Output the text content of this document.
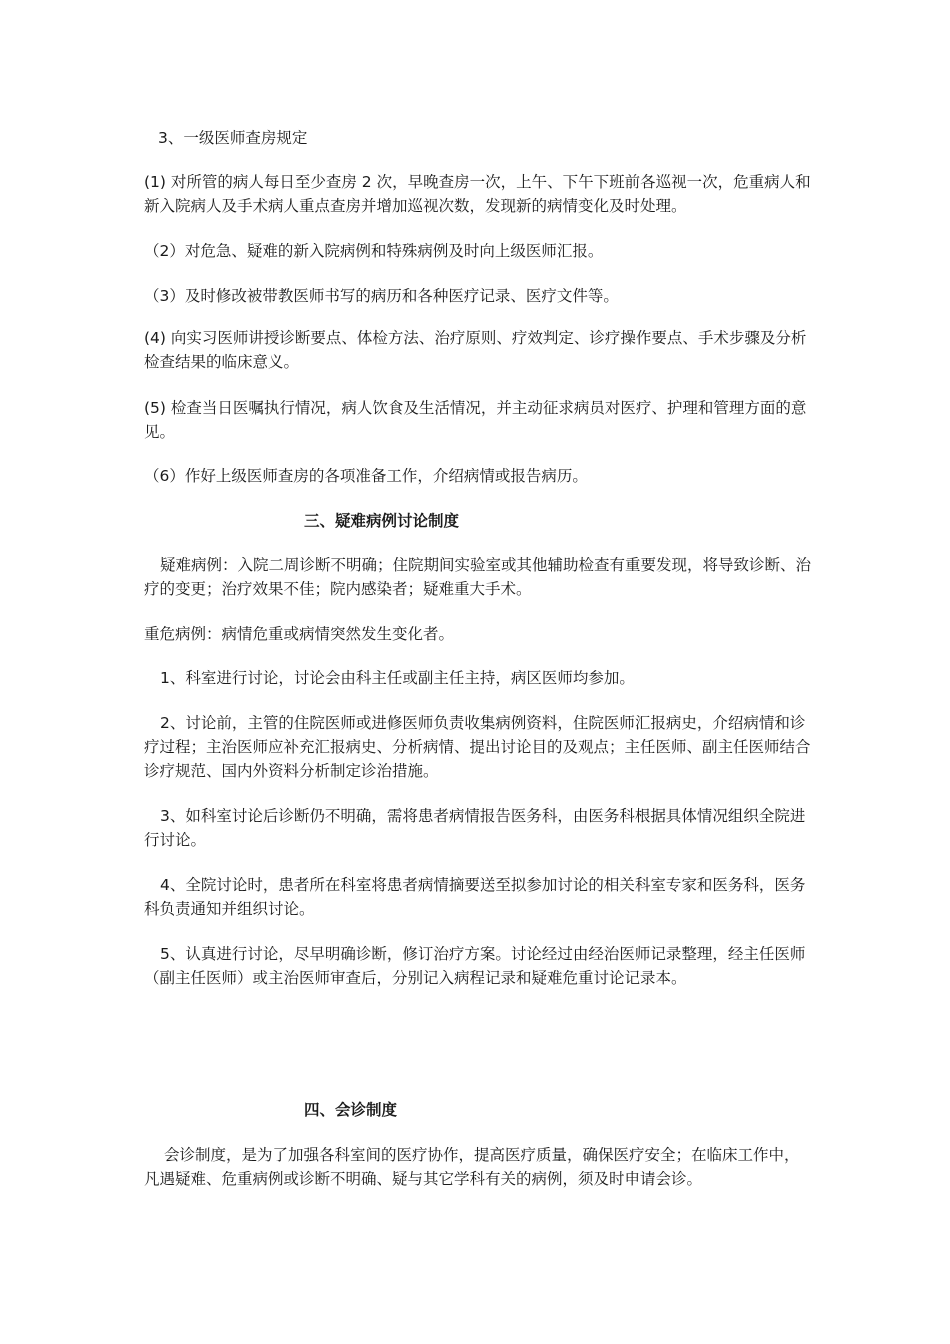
3、一级医师查房规定
(1) 对所管的病人每日至少查房 2 次，早晚查房一次，上午、下午下班前各巡视一次，危重病人和新入院病人及手术病人重点查房并增加巡视次数，发现新的病情变化及时处理。
（2）对危急、疑难的新入院病例和特殊病例及时向上级医师汇报。
（3）及时修改被带教医师书写的病历和各种医疗记录、医疗文件等。
(4) 向实习医师讲授诊断要点、体检方法、治疗原则、疗效判定、诊疗操作要点、手术步骤及分析检查结果的临床意义。
(5) 检查当日医嘱执行情况，病人饮食及生活情况，并主动征求病员对医疗、护理和管理方面的意见。
（6）作好上级医师查房的各项准备工作，介绍病情或报告病历。
三、疑难病例讨论制度
疑难病例：入院二周诊断不明确；住院期间实验室或其他辅助检查有重要发现，将导致诊断、治疗的变更；治疗效果不佳；院内感染者；疑难重大手术。
重危病例：病情危重或病情突然发生变化者。
1、科室进行讨论，讨论会由科主任或副主任主持，病区医师均参加。
2、讨论前，主管的住院医师或进修医师负责收集病例资料，住院医师汇报病史，介绍病情和诊疗过程；主治医师应补充汇报病史、分析病情、提出讨论目的及观点；主任医师、副主任医师结合诊疗规范、国内外资料分析制定诊治措施。
3、如科室讨论后诊断仍不明确，需将患者病情报告医务科，由医务科根据具体情况组织全院进行讨论。
4、全院讨论时，患者所在科室将患者病情摘要送至拟参加讨论的相关科室专家和医务科，医务科负责通知并组织讨论。
5、认真进行讨论，尽早明确诊断，修订治疗方案。讨论经过由经治医师记录整理，经主任医师（副主任医师）或主治医师审查后，分别记入病程记录和疑难危重讨论记录本。
四、会诊制度
会诊制度，是为了加强各科室间的医疗协作，提高医疗质量，确保医疗安全；在临床工作中，凡遇疑难、危重病例或诊断不明确、疑与其它学科有关的病例，须及时申请会诊。
